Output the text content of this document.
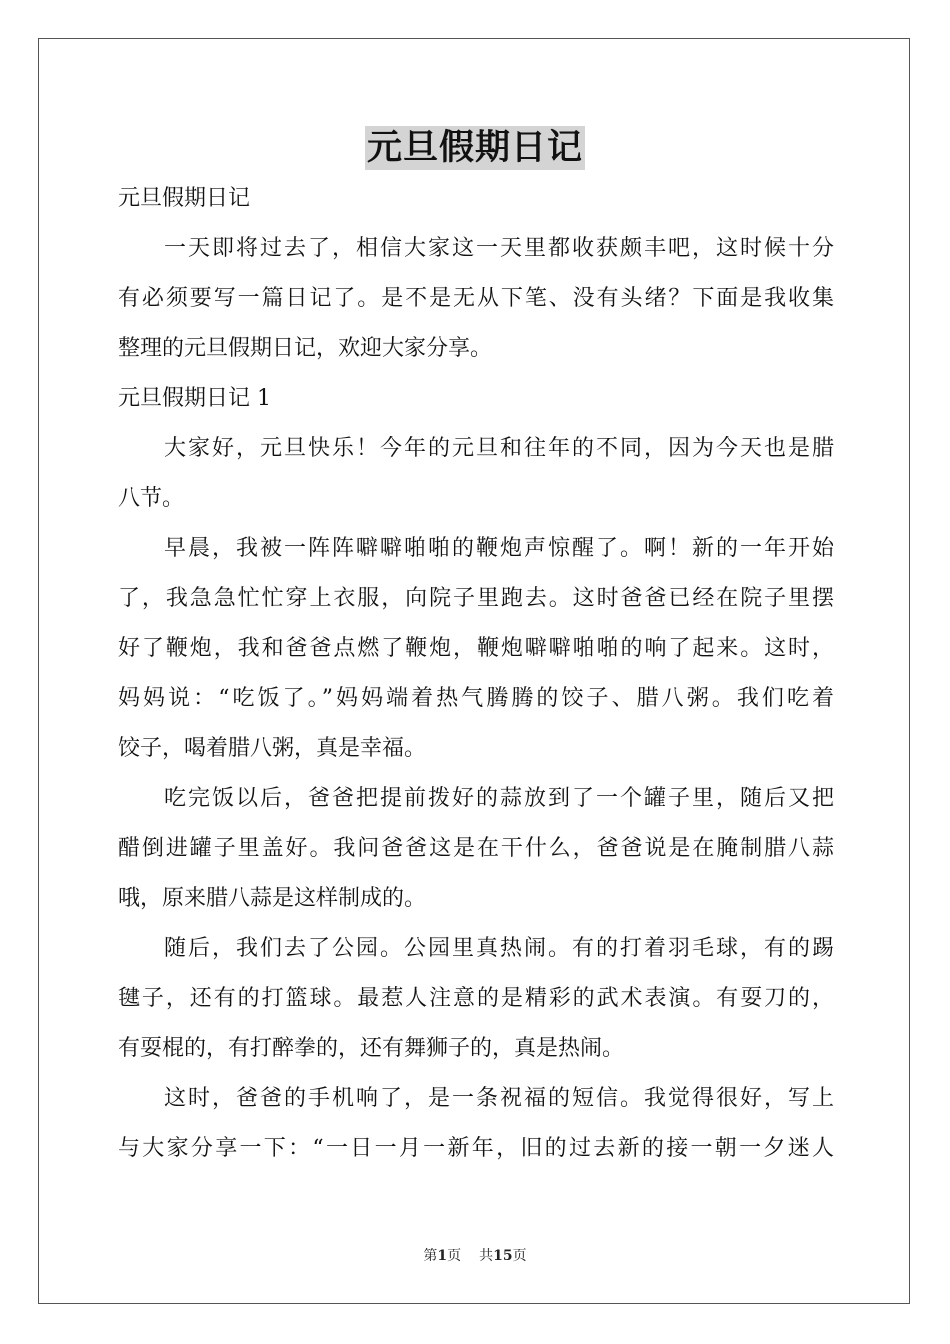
元旦假期日记
元旦假期日记
一天即将过去了，相信大家这一天里都收获颇丰吧，这时候十分
有必须要写一篇日记了。是不是无从下笔、没有头绪？下面是我收集
整理的元旦假期日记，欢迎大家分享。
元旦假期日记 1
大家好，元旦快乐！今年的元旦和往年的不同，因为今天也是腊
八节。
早晨，我被一阵阵噼噼啪啪的鞭炮声惊醒了。啊！新的一年开始
了，我急急忙忙穿上衣服，向院子里跑去。这时爸爸已经在院子里摆
好了鞭炮，我和爸爸点燃了鞭炮，鞭炮噼噼啪啪的响了起来。这时，
妈妈说：“吃饭了。”妈妈端着热气腾腾的饺子、腊八粥。我们吃着
饺子，喝着腊八粥，真是幸福。
吃完饭以后，爸爸把提前拨好的蒜放到了一个罐子里，随后又把
醋倒进罐子里盖好。我问爸爸这是在干什么，爸爸说是在腌制腊八蒜
哦，原来腊八蒜是这样制成的。
随后，我们去了公园。公园里真热闹。有的打着羽毛球，有的踢
毽子，还有的打篮球。最惹人注意的是精彩的武术表演。有耍刀的，
有耍棍的，有打醉拳的，还有舞狮子的，真是热闹。
这时，爸爸的手机响了，是一条祝福的短信。我觉得很好，写上
与大家分享一下：“一日一月一新年，旧的过去新的接一朝一夕迷人
第1页 共15页
